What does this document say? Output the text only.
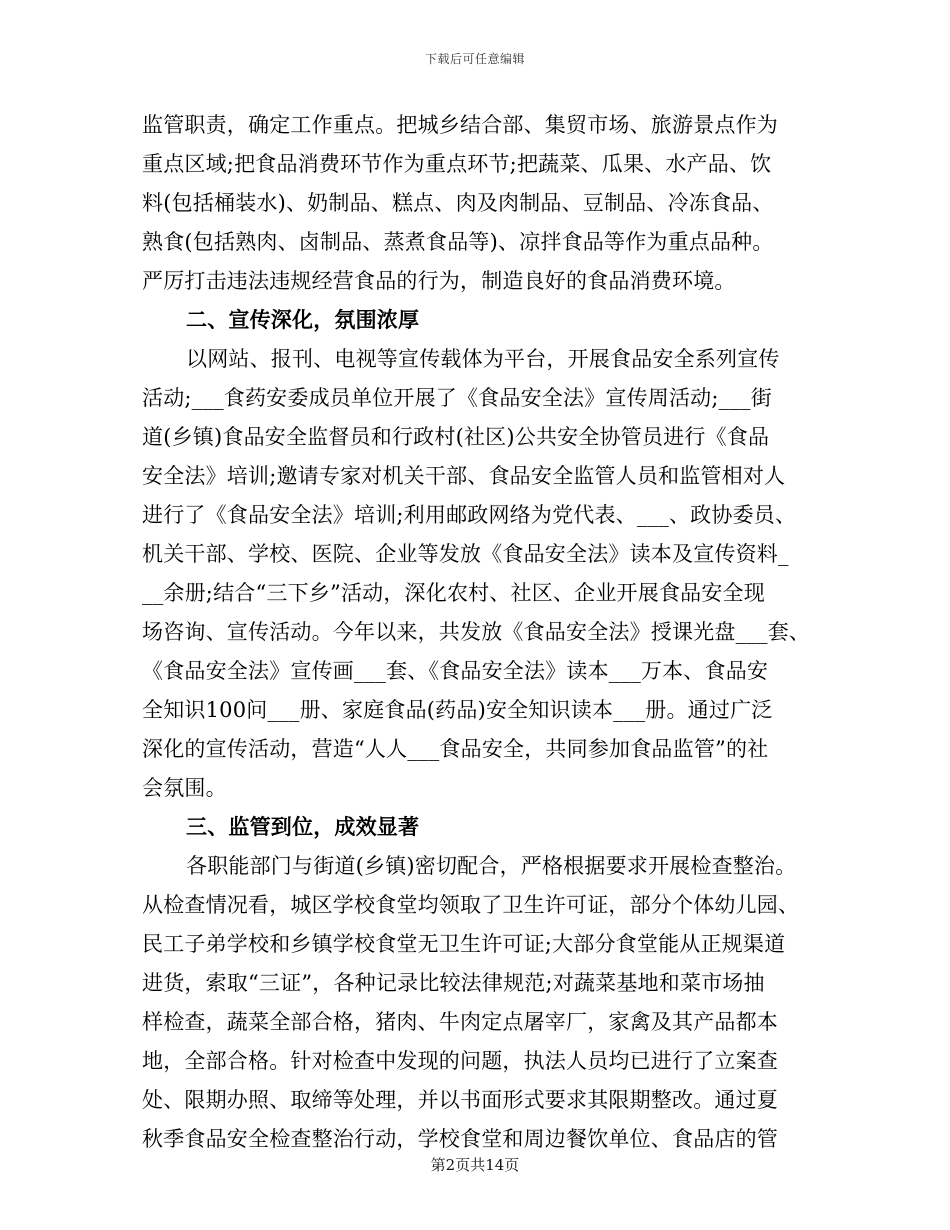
下载后可任意编辑
监管职责，确定工作重点。把城乡结合部、集贸市场、旅游景点作为
重点区域;把食品消费环节作为重点环节;把蔬菜、瓜果、水产品、饮
料(包括桶装水)、奶制品、糕点、肉及肉制品、豆制品、冷冻食品、
熟食(包括熟肉、卤制品、蒸煮食品等)、凉拌食品等作为重点品种。
严厉打击违法违规经营食品的行为，制造良好的食品消费环境。
二、宣传深化，氛围浓厚
以网站、报刊、电视等宣传载体为平台，开展食品安全系列宣传
活动;___食药安委成员单位开展了《食品安全法》宣传周活动;___街
道(乡镇)食品安全监督员和行政村(社区)公共安全协管员进行《食品
安全法》培训;邀请专家对机关干部、食品安全监管人员和监管相对人
进行了《食品安全法》培训;利用邮政网络为党代表、___、政协委员、
机关干部、学校、医院、企业等发放《食品安全法》读本及宣传资料_
__余册;结合“三下乡”活动，深化农村、社区、企业开展食品安全现
场咨询、宣传活动。今年以来，共发放《食品安全法》授课光盘___套、
《食品安全法》宣传画___套、《食品安全法》读本___万本、食品安
全知识100问___册、家庭食品(药品)安全知识读本___册。通过广泛
深化的宣传活动，营造“人人___食品安全，共同参加食品监管”的社
会氛围。
三、监管到位，成效显著
各职能部门与街道(乡镇)密切配合，严格根据要求开展检查整治。
从检查情况看，城区学校食堂均领取了卫生许可证，部分个体幼儿园、
民工子弟学校和乡镇学校食堂无卫生许可证;大部分食堂能从正规渠道
进货，索取“三证”，各种记录比较法律规范;对蔬菜基地和菜市场抽
样检查，蔬菜全部合格，猪肉、牛肉定点屠宰厂，家禽及其产品都本
地，全部合格。针对检查中发现的问题，执法人员均已进行了立案查
处、限期办照、取缔等处理，并以书面形式要求其限期整改。通过夏
秋季食品安全检查整治行动，学校食堂和周边餐饮单位、食品店的管
第2页共14页
